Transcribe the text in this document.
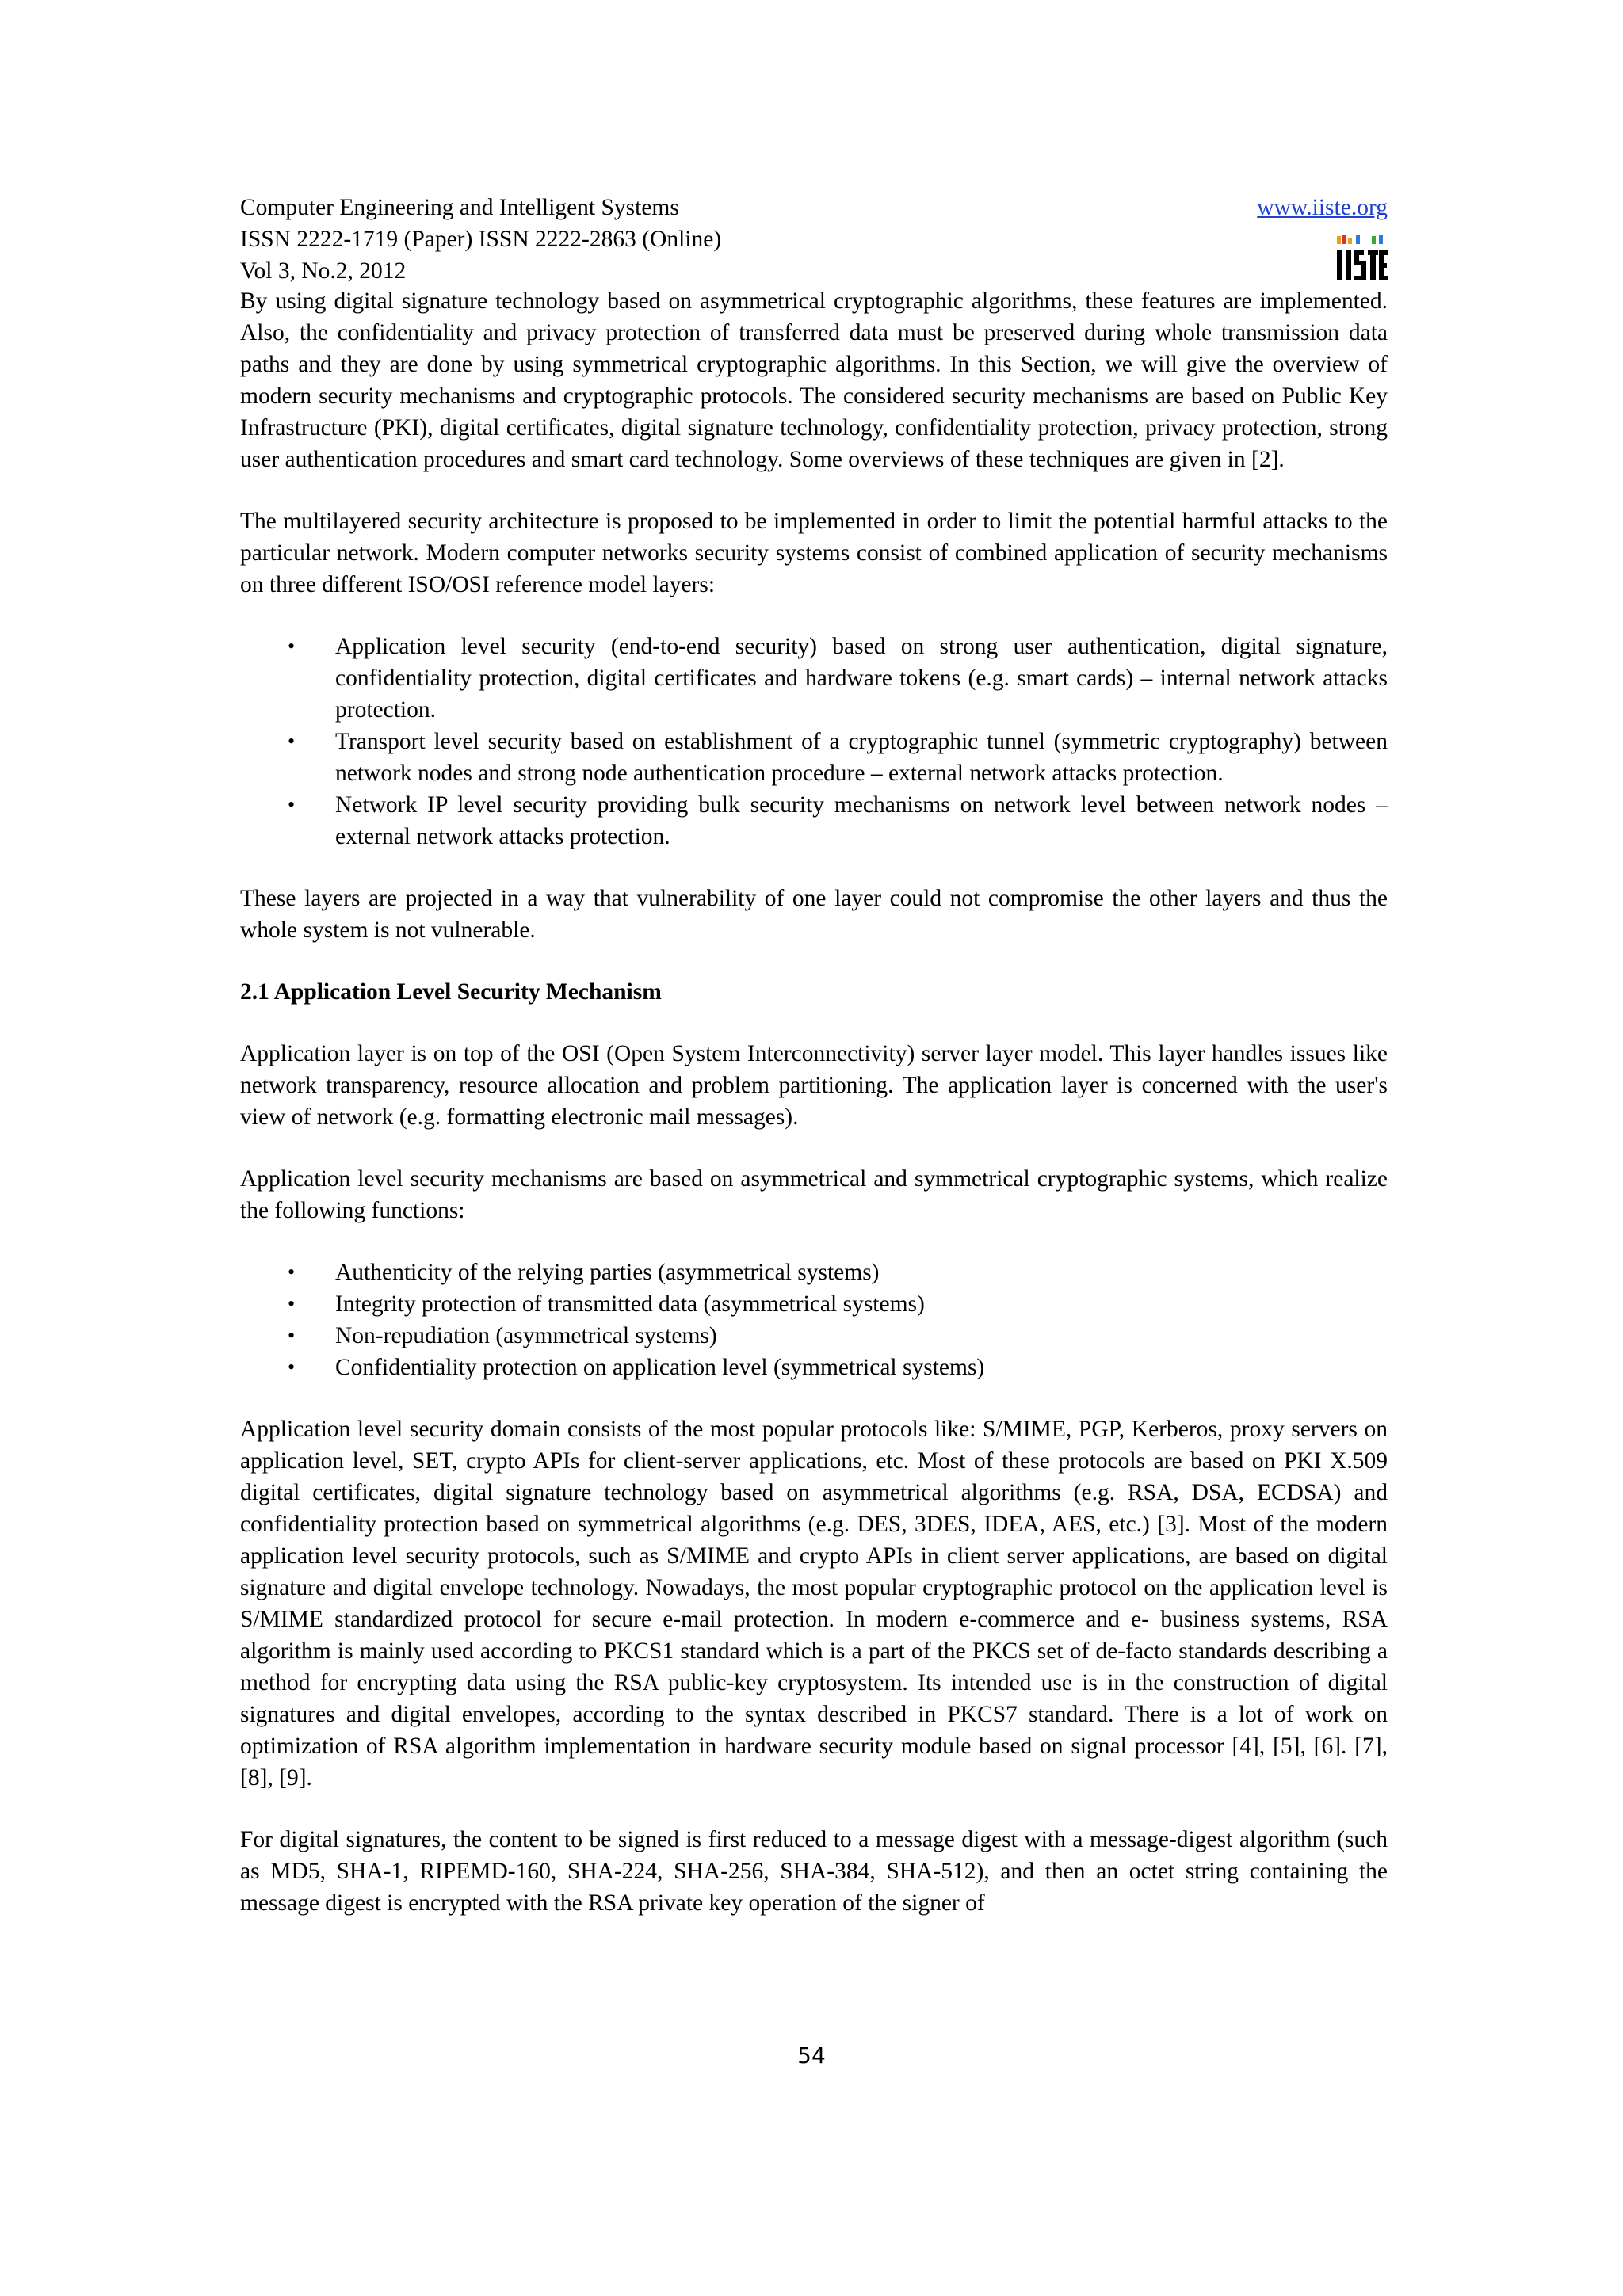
Computer Engineering and Intelligent Systems	www.iiste.org
ISSN 2222-1719 (Paper) ISSN 2222-2863 (Online)
Vol 3, No.2, 2012

By using digital signature technology based on asymmetrical cryptographic algorithms, these features are implemented. Also, the confidentiality and privacy protection of transferred data must be preserved during whole transmission data paths and they are done by using symmetrical cryptographic algorithms. In this Section, we will give the overview of modern security mechanisms and cryptographic protocols. The considered security mechanisms are based on Public Key Infrastructure (PKI), digital certificates, digital signature technology, confidentiality protection, privacy protection, strong user authentication procedures and smart card technology. Some overviews of these techniques are given in [2].

The multilayered security architecture is proposed to be implemented in order to limit the potential harmful attacks to the particular network. Modern computer networks security systems consist of combined application of security mechanisms on three different ISO/OSI reference model layers:

• Application level security (end-to-end security) based on strong user authentication, digital signature, confidentiality protection, digital certificates and hardware tokens (e.g. smart cards) – internal network attacks protection.
• Transport level security based on establishment of a cryptographic tunnel (symmetric cryptography) between network nodes and strong node authentication procedure – external network attacks protection.
• Network IP level security providing bulk security mechanisms on network level between network nodes – external network attacks protection.

These layers are projected in a way that vulnerability of one layer could not compromise the other layers and thus the whole system is not vulnerable.

2.1 Application Level Security Mechanism

Application layer is on top of the OSI (Open System Interconnectivity) server layer model. This layer handles issues like network transparency, resource allocation and problem partitioning. The application layer is concerned with the user's view of network (e.g. formatting electronic mail messages).

Application level security mechanisms are based on asymmetrical and symmetrical cryptographic systems, which realize the following functions:

• Authenticity of the relying parties (asymmetrical systems)
• Integrity protection of transmitted data (asymmetrical systems)
• Non-repudiation (asymmetrical systems)
• Confidentiality protection on application level (symmetrical systems)

Application level security domain consists of the most popular protocols like: S/MIME, PGP, Kerberos, proxy servers on application level, SET, crypto APIs for client-server applications, etc. Most of these protocols are based on PKI X.509 digital certificates, digital signature technology based on asymmetrical algorithms (e.g. RSA, DSA, ECDSA) and confidentiality protection based on symmetrical algorithms (e.g. DES, 3DES, IDEA, AES, etc.) [3]. Most of the modern application level security protocols, such as S/MIME and crypto APIs in client server applications, are based on digital signature and digital envelope technology. Nowadays, the most popular cryptographic protocol on the application level is S/MIME standardized protocol for secure e-mail protection. In modern e-commerce and e- business systems, RSA algorithm is mainly used according to PKCS1 standard which is a part of the PKCS set of de-facto standards describing a method for encrypting data using the RSA public-key cryptosystem. Its intended use is in the construction of digital signatures and digital envelopes, according to the syntax described in PKCS7 standard. There is a lot of work on optimization of RSA algorithm implementation in hardware security module based on signal processor [4], [5], [6]. [7], [8], [9].

For digital signatures, the content to be signed is first reduced to a message digest with a message-digest algorithm (such as MD5, SHA-1, RIPEMD-160, SHA-224, SHA-256, SHA-384, SHA-512), and then an octet string containing the message digest is encrypted with the RSA private key operation of the signer of

54
